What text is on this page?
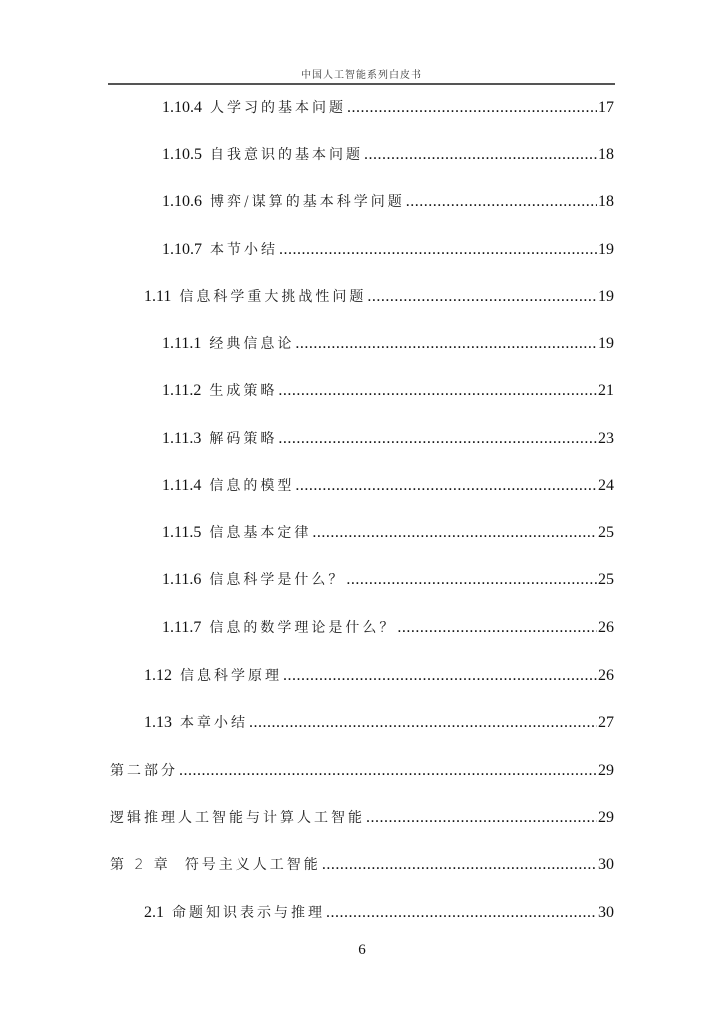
中国人工智能系列白皮书
1.10.4 人学习的基本问题 .....	17
1.10.5 自我意识的基本问题 .....	18
1.10.6 博弈/谋算的基本科学问题 .....	18
1.10.7 本节小结 .....	19
1.11 信息科学重大挑战性问题 .....	19
1.11.1 经典信息论 .....	19
1.11.2 生成策略 .....	21
1.11.3 解码策略 .....	23
1.11.4 信息的模型 .....	24
1.11.5 信息基本定律 .....	25
1.11.6 信息科学是什么？ .....	25
1.11.7 信息的数学理论是什么？ .....	26
1.12 信息科学原理 .....	26
1.13 本章小结 .....	27
第二部分 .....	29
逻辑推理人工智能与计算人工智能 .....	29
第 2 章 符号主义人工智能 .....	30
2.1 命题知识表示与推理 .....	30
6
